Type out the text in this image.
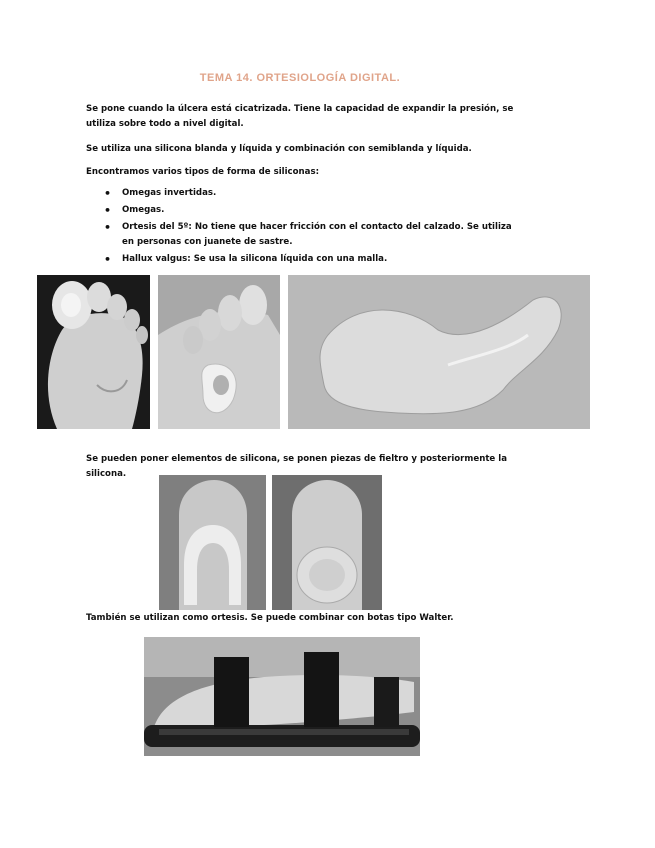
TEMA 14. ORTESIOLOGÍA DIGITAL.
Se pone cuando la úlcera está cicatrizada. Tiene la capacidad de expandir la presión, se utiliza sobre todo a nivel digital.
Se utiliza una silicona blanda y líquida y combinación con semiblanda y líquida.
Encontramos varios tipos de forma de siliconas:
• Omegas invertidas.
• Omegas.
• Ortesis del 5º: No tiene que hacer fricción con el contacto del calzado. Se utiliza en personas con juanete de sastre.
• Hallux valgus: Se usa la silicona líquida con una malla.
Se pueden poner elementos de silicona, se ponen piezas de fieltro y posteriormente la silicona.
También se utilizan como ortesis. Se puede combinar con botas tipo Walter.
